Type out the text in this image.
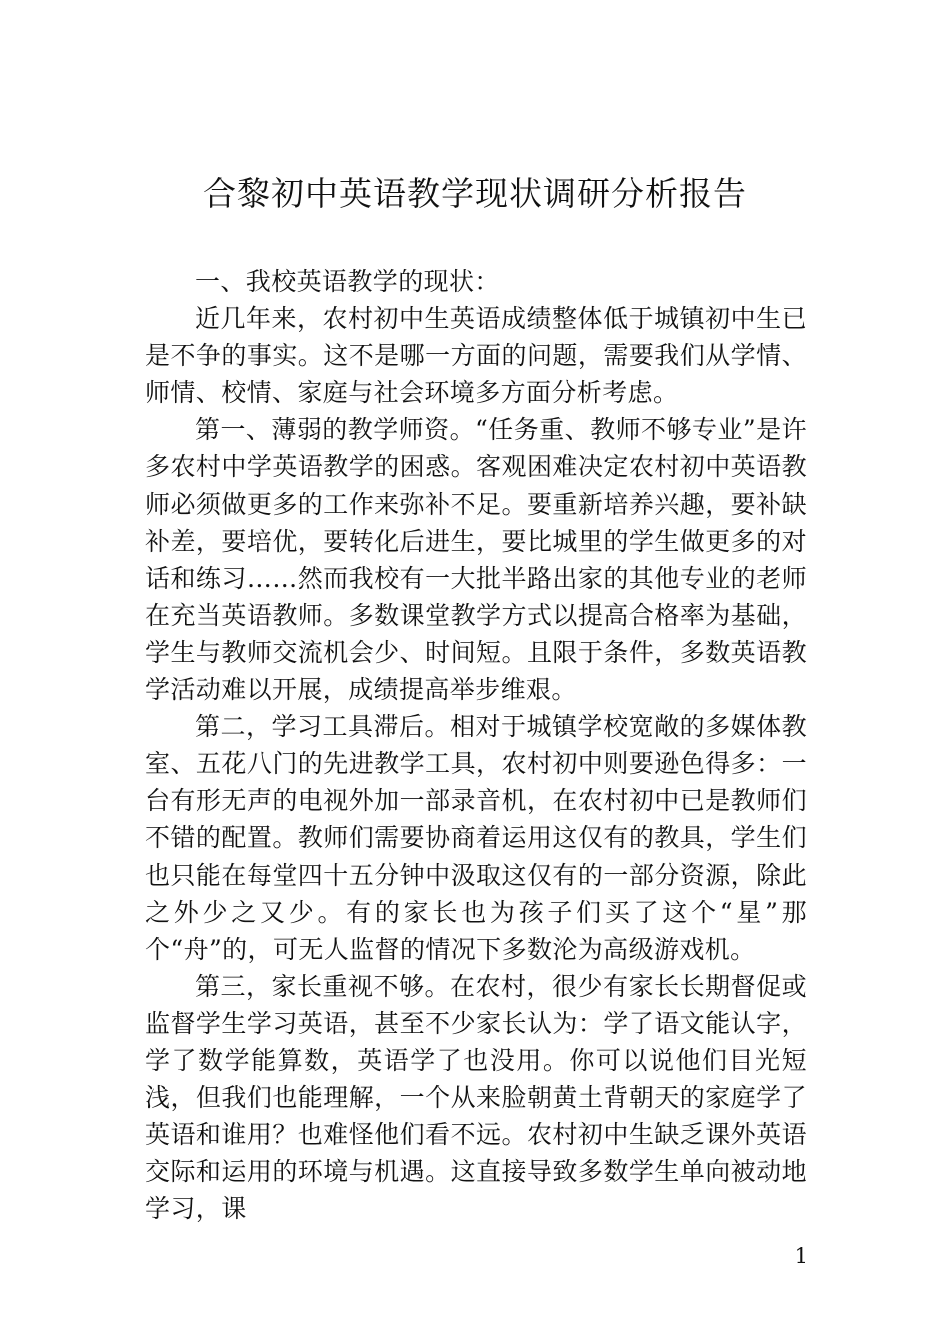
合黎初中英语教学现状调研分析报告

一、我校英语教学的现状：

近几年来，农村初中生英语成绩整体低于城镇初中生已是不争的事实。这不是哪一方面的问题，需要我们从学情、师情、校情、家庭与社会环境多方面分析考虑。

第一、薄弱的教学师资。“任务重、教师不够专业”是许多农村中学英语教学的困惑。客观困难决定农村初中英语教师必须做更多的工作来弥补不足。要重新培养兴趣，要补缺补差，要培优，要转化后进生，要比城里的学生做更多的对话和练习……然而我校有一大批半路出家的其他专业的老师在充当英语教师。多数课堂教学方式以提高合格率为基础，学生与教师交流机会少、时间短。且限于条件，多数英语教学活动难以开展，成绩提高举步维艰。

第二，学习工具滞后。相对于城镇学校宽敞的多媒体教室、五花八门的先进教学工具，农村初中则要逊色得多：一台有形无声的电视外加一部录音机，在农村初中已是教师们不错的配置。教师们需要协商着运用这仅有的教具，学生们也只能在每堂四十五分钟中汲取这仅有的一部分资源，除此之外少之又少。有的家长也为孩子们买了这个“星”那个“舟”的，可无人监督的情况下多数沦为高级游戏机。

第三，家长重视不够。在农村，很少有家长长期督促或监督学生学习英语，甚至不少家长认为：学了语文能认字，学了数学能算数，英语学了也没用。你可以说他们目光短浅，但我们也能理解，一个从来脸朝黄土背朝天的家庭学了英语和谁用？也难怪他们看不远。农村初中生缺乏课外英语交际和运用的环境与机遇。这直接导致多数学生单向被动地学习，课

1
